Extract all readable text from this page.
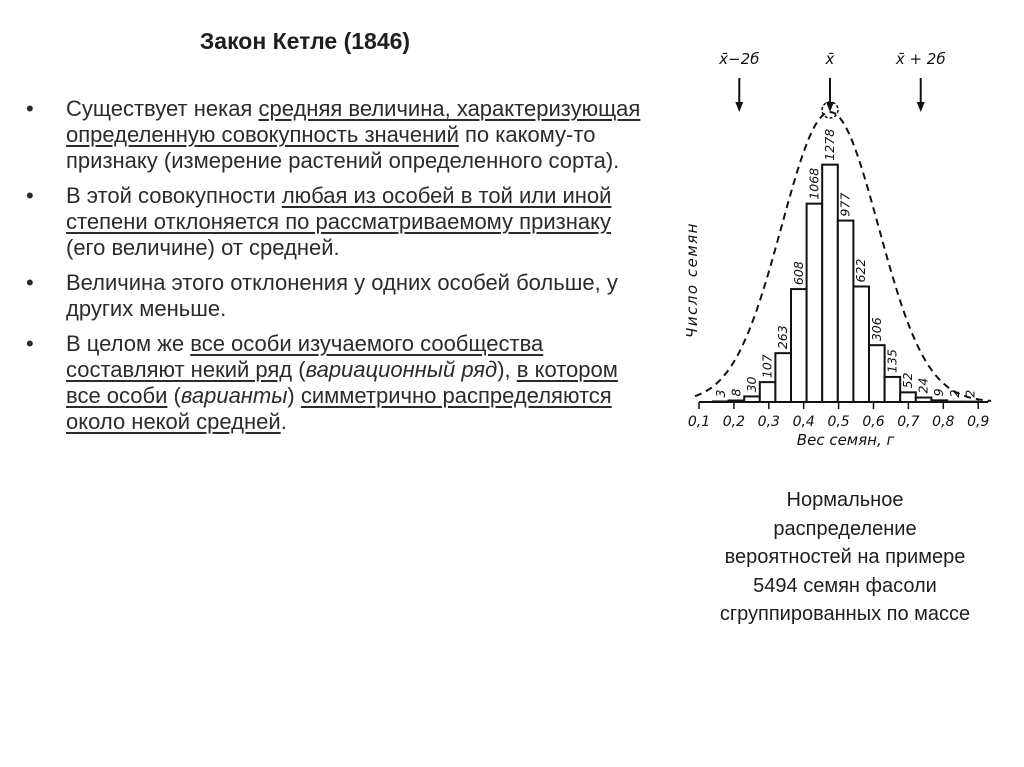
Закон Кетле (1846)
• Существует некая средняя величина, характеризующая определенную совокупность значений по какому-то признаку (измерение растений определенного сорта).
• В этой совокупности любая из особей в той или иной степени отклоняется по рассматриваемому признаку (его величине) от средней.
• Величина этого отклонения у одних особей больше, у других меньше.
• В целом же все особи изучаемого сообщества составляют некий ряд (вариационный ряд), в котором все особи (варианты) симметрично распределяются около некой средней.
x̄−2б	x̄	x̄ + 2б
3 8
30
107
263
608
1068
1278
977
622
306
135
52 24 9 2 2
0,1 0,2 0,3 0,4 0,5 0,6 0,7 0,8 0,9
Вес семян, г
Число семян
Нормальное распределение вероятностей на примере 5494 семян фасоли сгруппированных по массе
